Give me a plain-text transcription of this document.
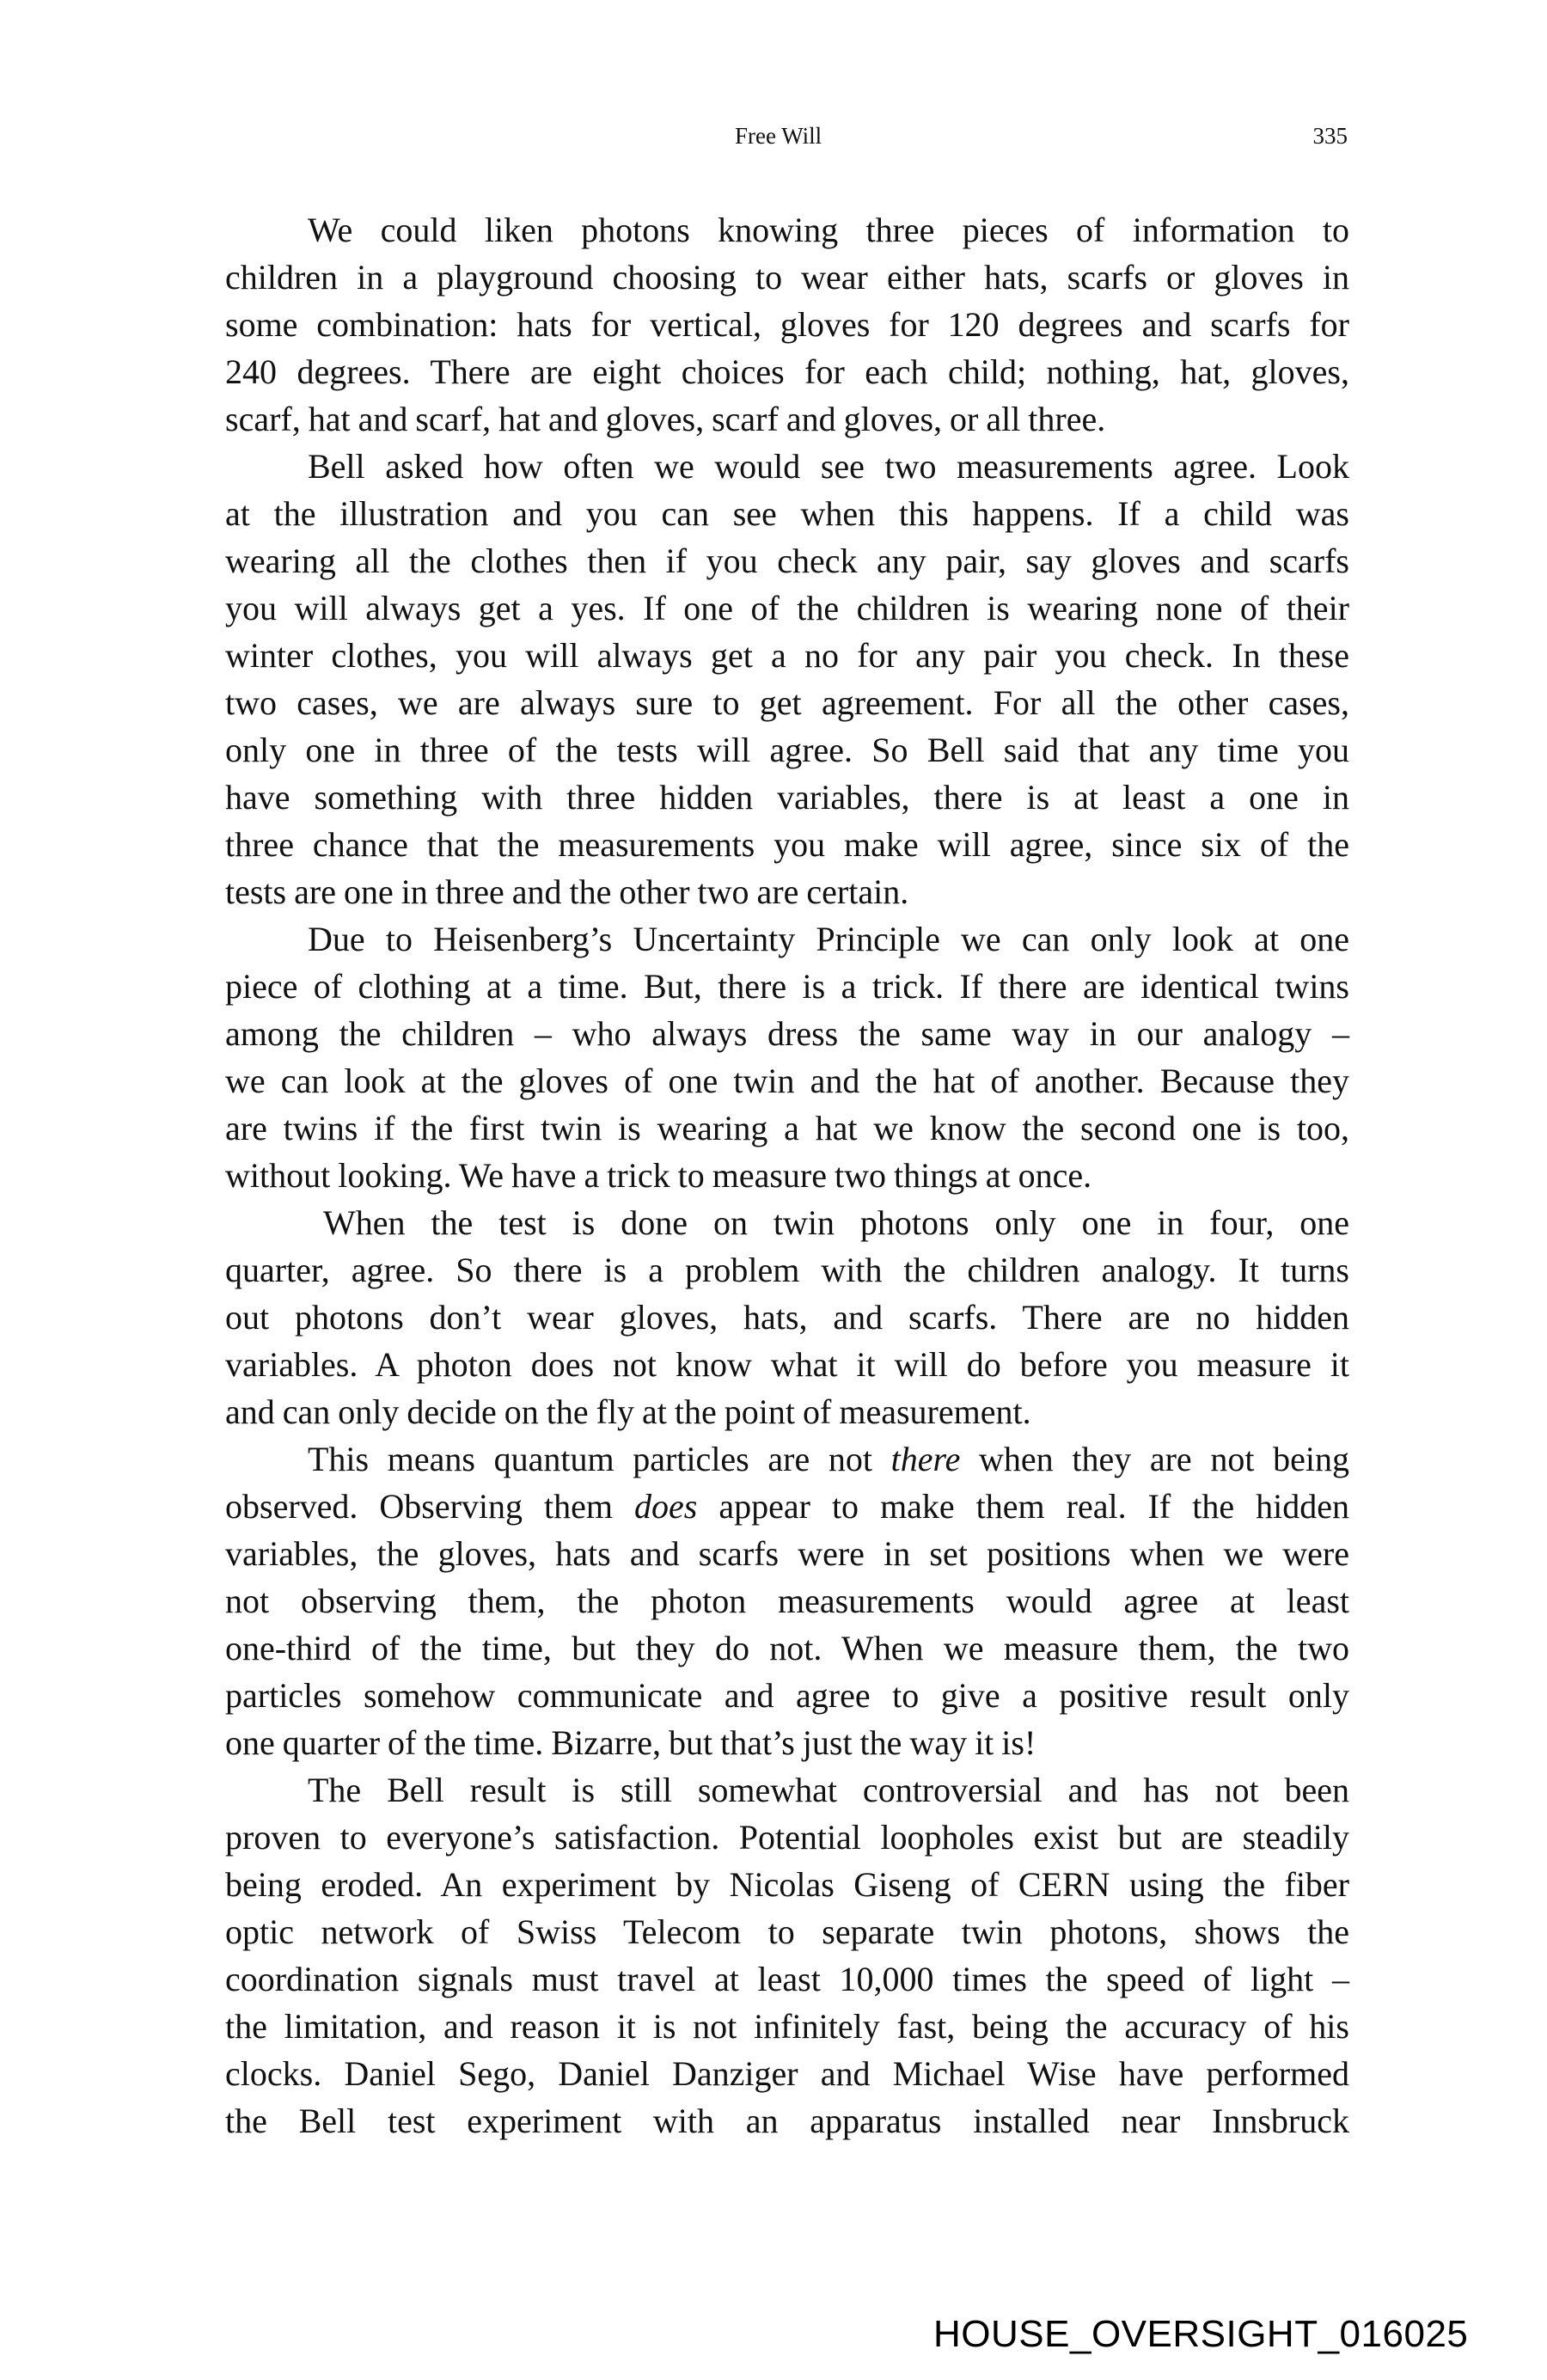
Free Will	335
We could liken photons knowing three pieces of information to
children in a playground choosing to wear either hats, scarfs or gloves in
some combination: hats for vertical, gloves for 120 degrees and scarfs for
240 degrees. There are eight choices for each child; nothing, hat, gloves,
scarf, hat and scarf, hat and gloves, scarf and gloves, or all three.
Bell asked how often we would see two measurements agree. Look
at the illustration and you can see when this happens. If a child was
wearing all the clothes then if you check any pair, say gloves and scarfs
you will always get a yes. If one of the children is wearing none of their
winter clothes, you will always get a no for any pair you check. In these
two cases, we are always sure to get agreement. For all the other cases,
only one in three of the tests will agree. So Bell said that any time you
have something with three hidden variables, there is at least a one in
three chance that the measurements you make will agree, since six of the
tests are one in three and the other two are certain.
Due to Heisenberg’s Uncertainty Principle we can only look at one
piece of clothing at a time. But, there is a trick. If there are identical twins
among the children – who always dress the same way in our analogy –
we can look at the gloves of one twin and the hat of another. Because they
are twins if the first twin is wearing a hat we know the second one is too,
without looking. We have a trick to measure two things at once.
When the test is done on twin photons only one in four, one
quarter, agree. So there is a problem with the children analogy. It turns
out photons don’t wear gloves, hats, and scarfs. There are no hidden
variables. A photon does not know what it will do before you measure it
and can only decide on the fly at the point of measurement.
This means quantum particles are not there when they are not being
observed. Observing them does appear to make them real. If the hidden
variables, the gloves, hats and scarfs were in set positions when we were
not observing them, the photon measurements would agree at least
one-third of the time, but they do not. When we measure them, the two
particles somehow communicate and agree to give a positive result only
one quarter of the time. Bizarre, but that’s just the way it is!
The Bell result is still somewhat controversial and has not been
proven to everyone’s satisfaction. Potential loopholes exist but are steadily
being eroded. An experiment by Nicolas Giseng of CERN using the fiber
optic network of Swiss Telecom to separate twin photons, shows the
coordination signals must travel at least 10,000 times the speed of light –
the limitation, and reason it is not infinitely fast, being the accuracy of his
clocks. Daniel Sego, Daniel Danziger and Michael Wise have performed
the Bell test experiment with an apparatus installed near Innsbruck
HOUSE_OVERSIGHT_016025
